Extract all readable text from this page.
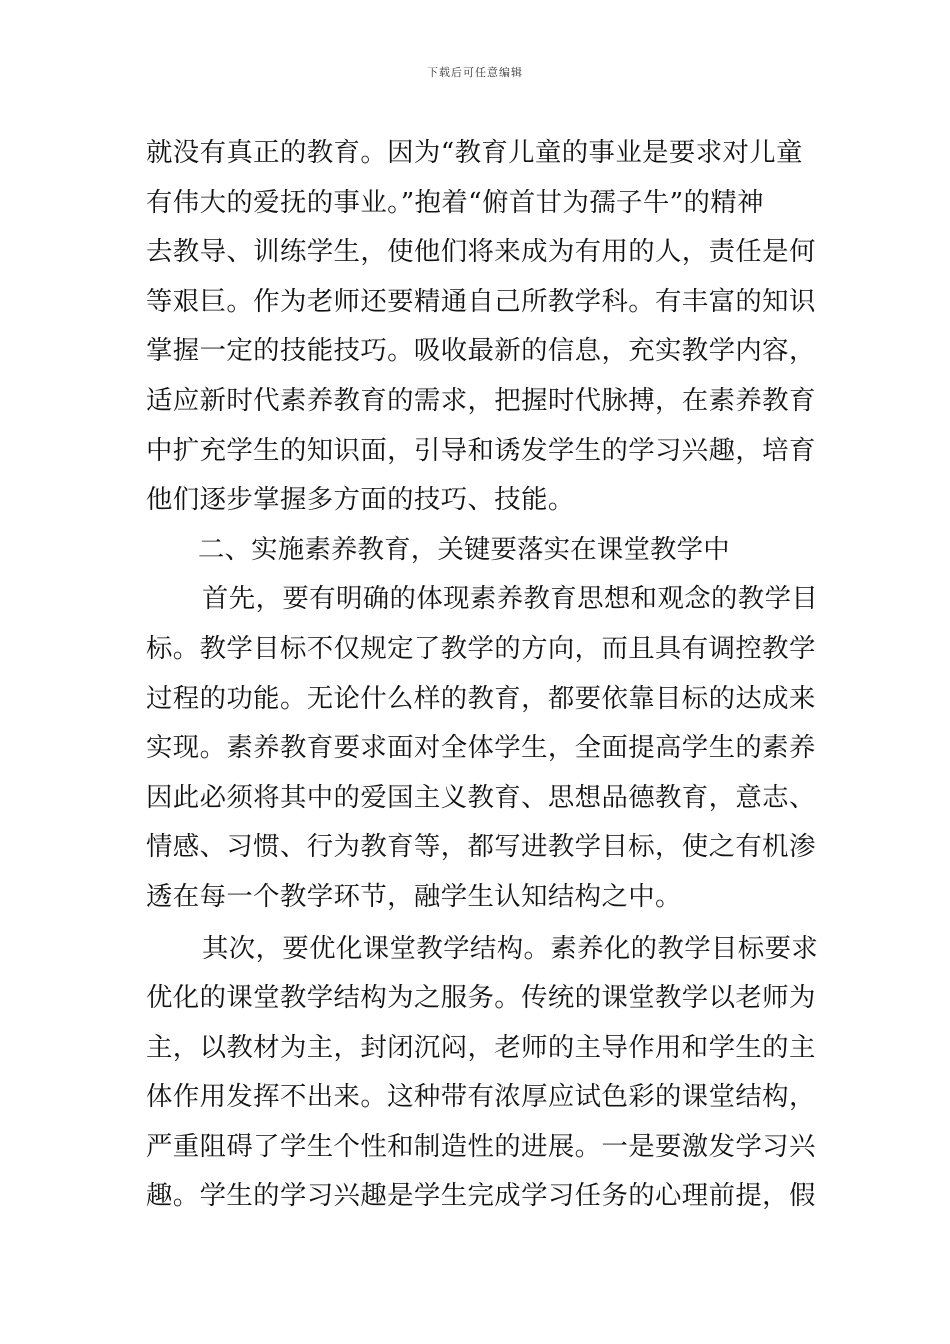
下载后可任意编辑
就没有真正的教育。因为“教育儿童的事业是要求对儿童
有伟大的爱抚的事业。”抱着“俯首甘为孺子牛”的精神
去教导、训练学生，使他们将来成为有用的人，责任是何
等艰巨。作为老师还要精通自己所教学科。有丰富的知识
掌握一定的技能技巧。吸收最新的信息，充实教学内容，
适应新时代素养教育的需求，把握时代脉搏，在素养教育
中扩充学生的知识面，引导和诱发学生的学习兴趣，培育
他们逐步掌握多方面的技巧、技能。
二、实施素养教育，关键要落实在课堂教学中
首先，要有明确的体现素养教育思想和观念的教学目
标。教学目标不仅规定了教学的方向，而且具有调控教学
过程的功能。无论什么样的教育，都要依靠目标的达成来
实现。素养教育要求面对全体学生，全面提高学生的素养
因此必须将其中的爱国主义教育、思想品德教育，意志、
情感、习惯、行为教育等，都写进教学目标，使之有机渗
透在每一个教学环节，融学生认知结构之中。
其次，要优化课堂教学结构。素养化的教学目标要求
优化的课堂教学结构为之服务。传统的课堂教学以老师为
主，以教材为主，封闭沉闷，老师的主导作用和学生的主
体作用发挥不出来。这种带有浓厚应试色彩的课堂结构，
严重阻碍了学生个性和制造性的进展。一是要激发学习兴
趣。学生的学习兴趣是学生完成学习任务的心理前提，假
